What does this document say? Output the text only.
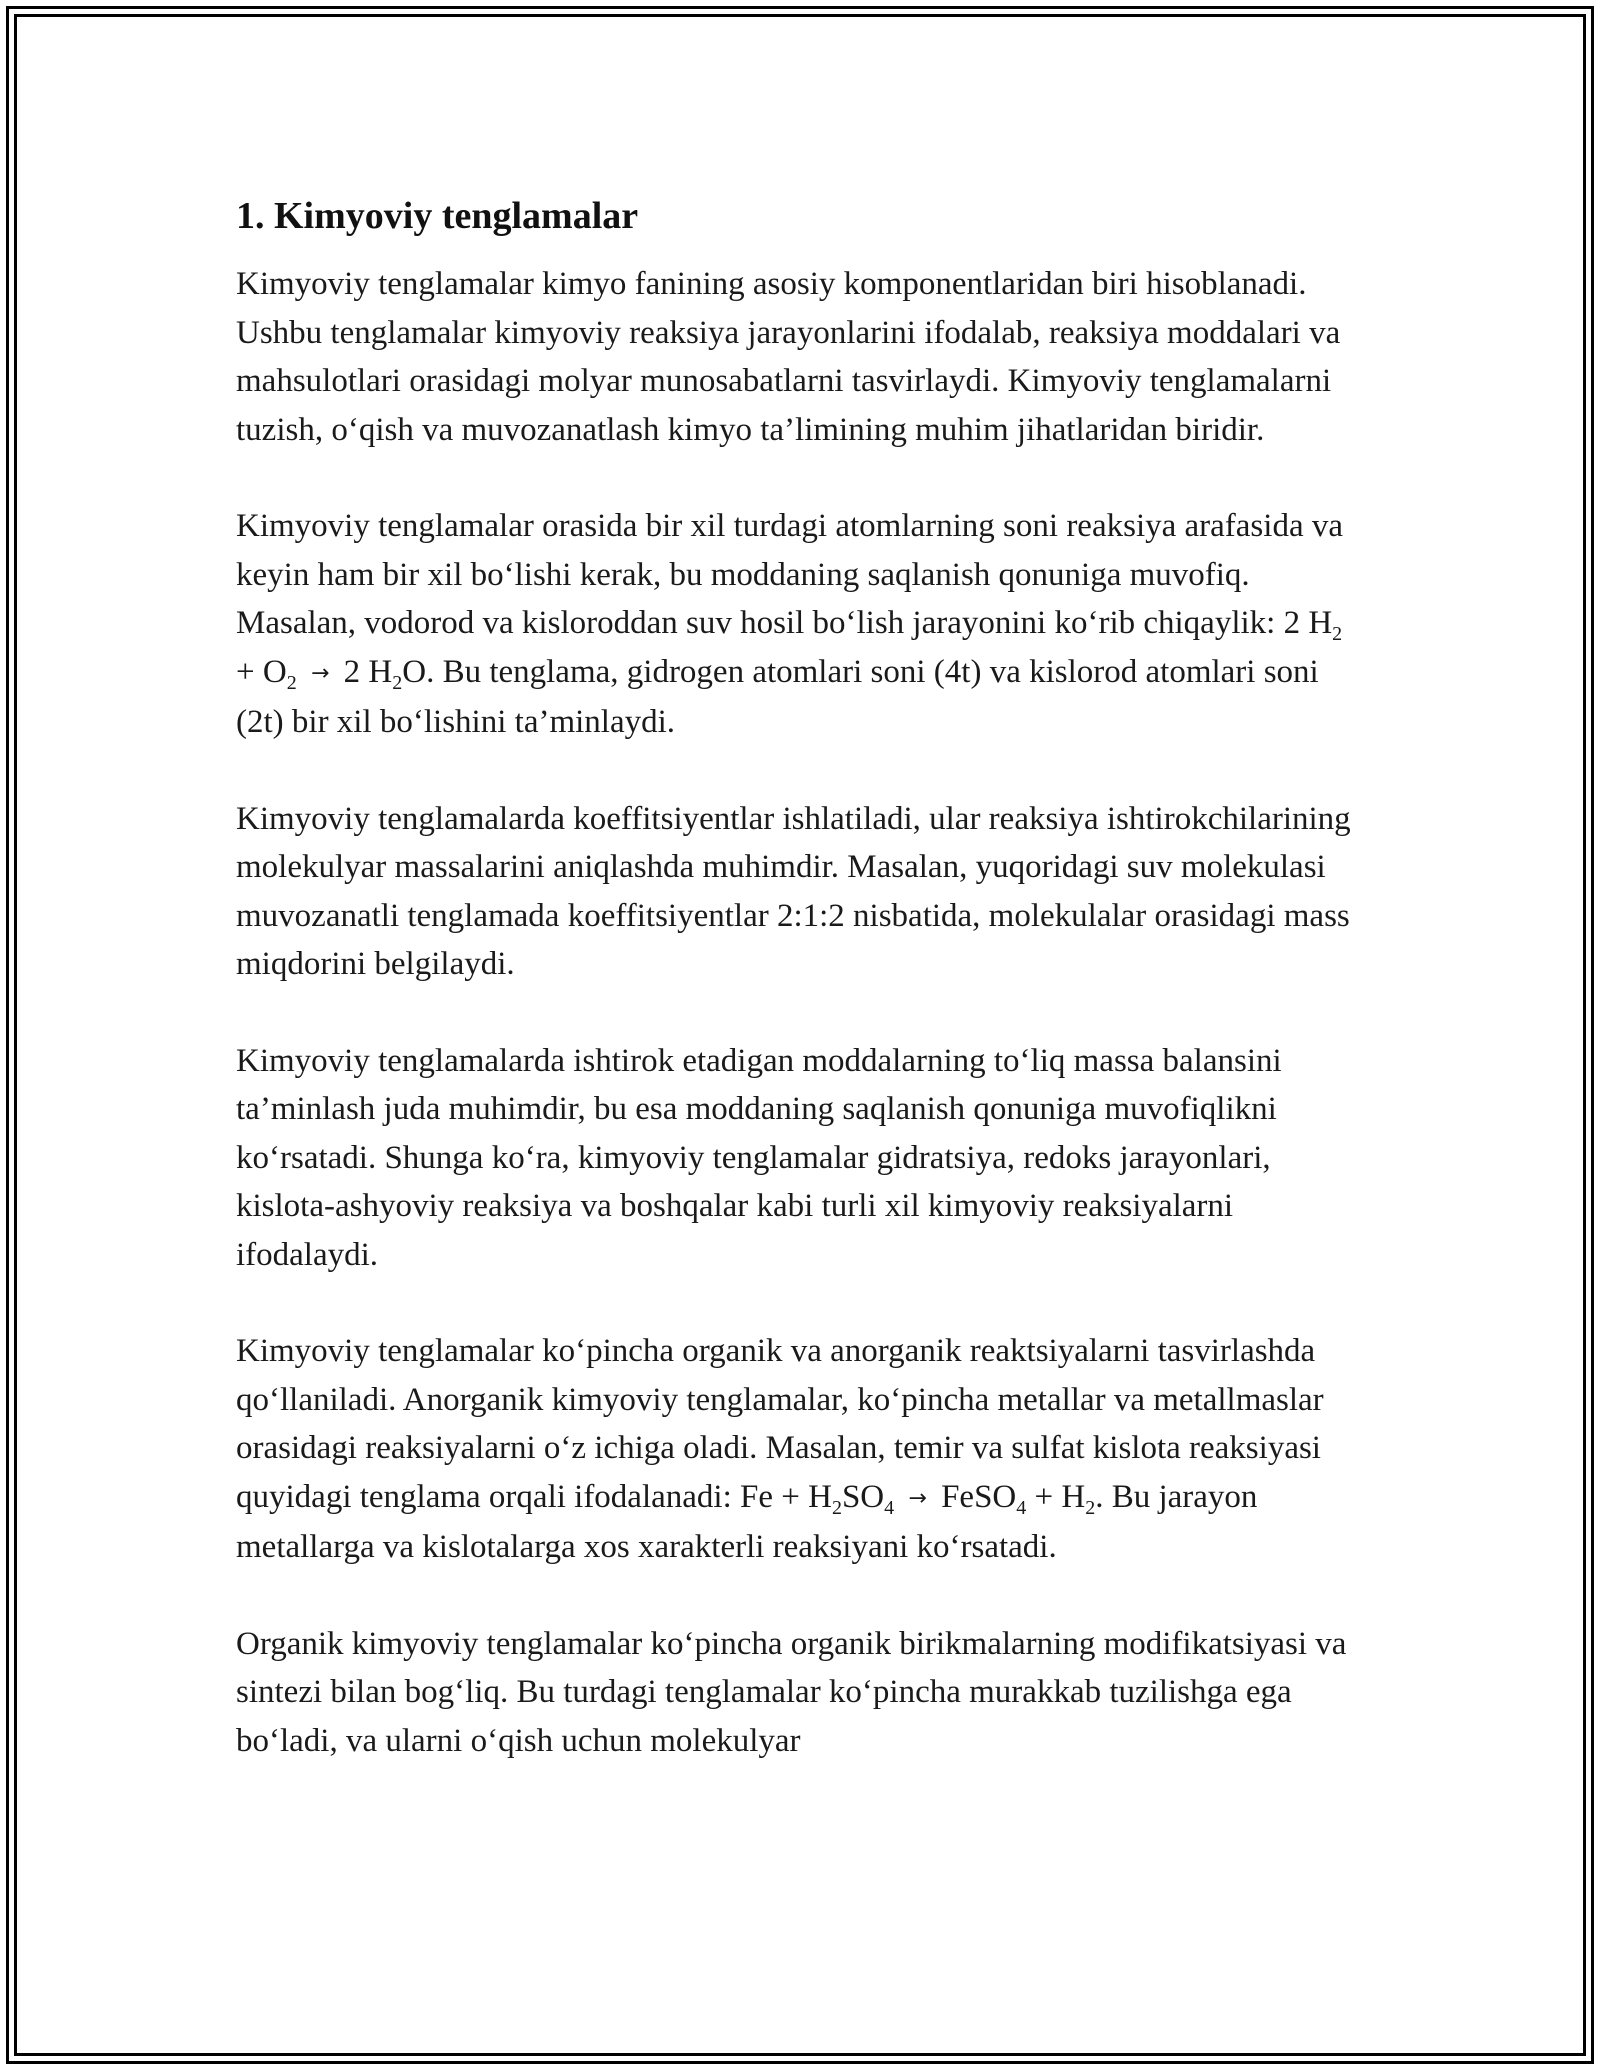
1. Kimyoviy tenglamalar

Kimyoviy tenglamalar kimyo fanining asosiy komponentlaridan biri hisoblanadi. Ushbu tenglamalar kimyoviy reaksiya jarayonlarini ifodalab, reaksiya moddalari va mahsulotlari orasidagi molyar munosabatlarni tasvirlaydi. Kimyoviy tenglamalarni tuzish, o‘qish va muvozanatlash kimyo ta’limining muhim jihatlaridan biridir.

Kimyoviy tenglamalar orasida bir xil turdagi atomlarning soni reaksiya arafasida va keyin ham bir xil bo‘lishi kerak, bu moddaning saqlanish qonuniga muvofiq. Masalan, vodorod va kisloroddan suv hosil bo‘lish jarayonini ko‘rib chiqaylik: 2 $H_2 + O_2 \to 2$ $H_2O$. Bu tenglama, gidrogen atomlari soni (4t) va kislorod atomlari soni (2t) bir xil bo‘lishini ta’minlaydi.

Kimyoviy tenglamalarda koeffitsiyentlar ishlatiladi, ular reaksiya ishtirokchilarining molekulyar massalarini aniqlashda muhimdir. Masalan, yuqoridagi suv molekulasi muvozanatli tenglamada koeffitsiyentlar 2:1:2 nisbatida, molekulalar orasidagi mass miqdorini belgilaydi.

Kimyoviy tenglamalarda ishtirok etadigan moddalarning to‘liq massa balansini ta’minlash juda muhimdir, bu esa moddaning saqlanish qonuniga muvofiqlikni ko‘rsatadi. Shunga ko‘ra, kimyoviy tenglamalar gidratsiya, redoks jarayonlari, kislota-ashyoviy reaksiya va boshqalar kabi turli xil kimyoviy reaksiyalarni ifodalaydi.

Kimyoviy tenglamalar ko‘pincha organik va anorganik reaktsiyalarni tasvirlashda qo‘llaniladi. Anorganik kimyoviy tenglamalar, ko‘pincha metallar va metallmaslar orasidagi reaksiyalarni o‘z ichiga oladi. Masalan, temir va sulfat kislota reaksiyasi quyidagi tenglama orqali ifodalanadi: $Fe + H_2SO_4$ → FeSO$_4$ + $H_2$. Bu jarayon metallarga va kislotalarga xos xarakterli reaksiyani ko‘rsatadi.

Organik kimyoviy tenglamalar ko‘pincha organik birikmalarning modifikatsiyasi va sintezi bilan bog‘liq. Bu turdagi tenglamalar ko‘pincha murakkab tuzilishga ega bo‘ladi, va ularni o‘qish uchun molekulyar
